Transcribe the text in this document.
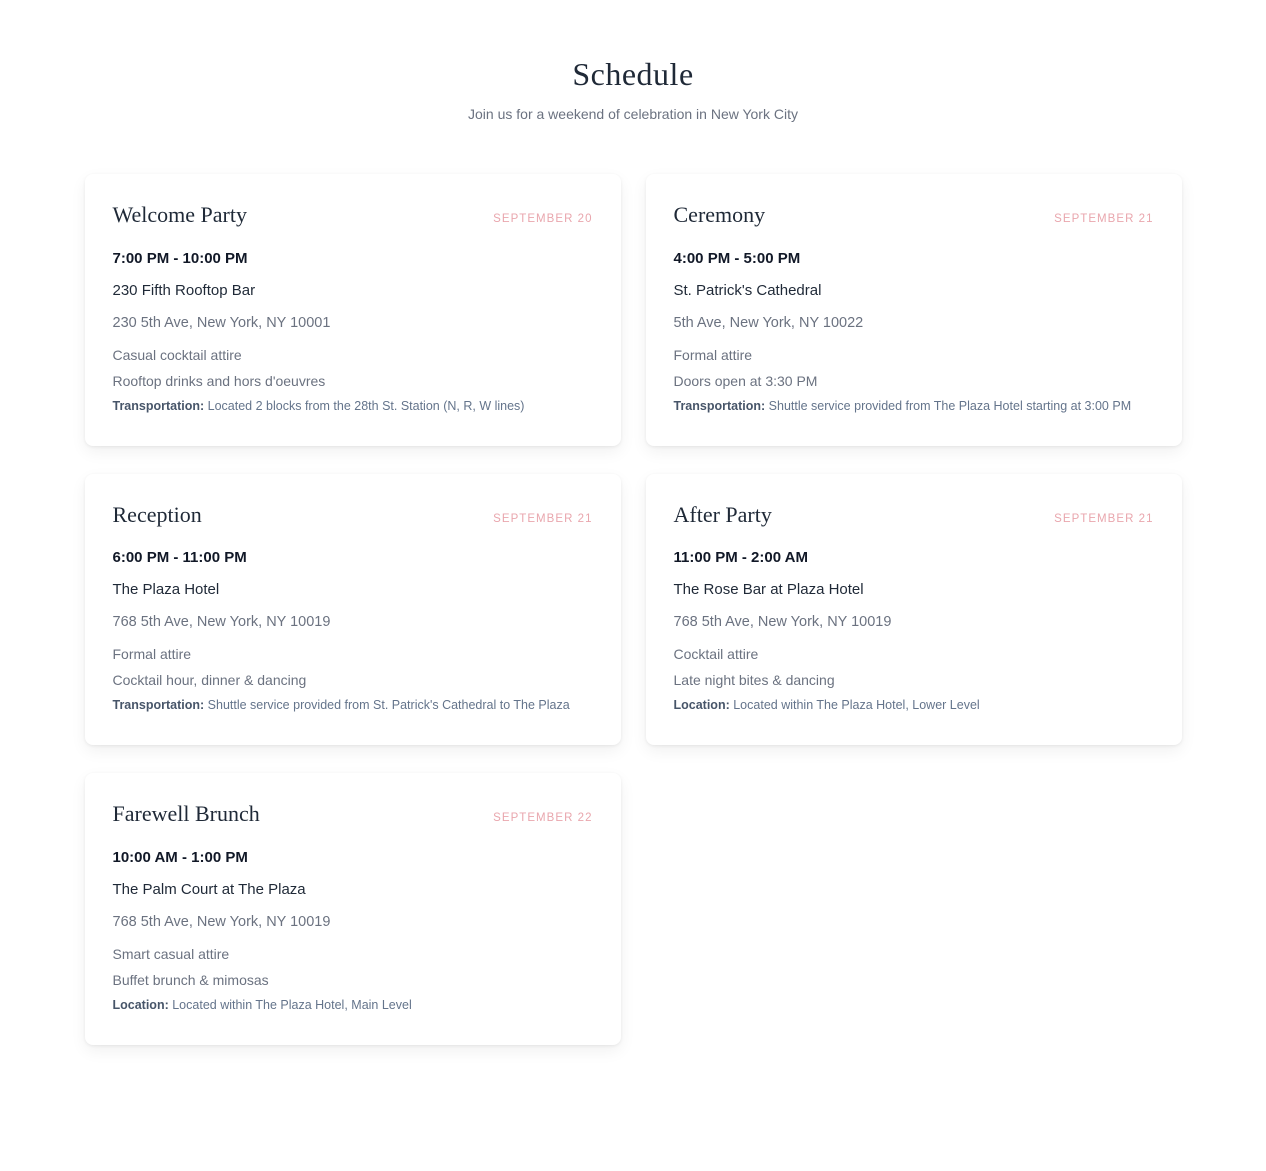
Schedule

Join us for a weekend of celebration in New York City

Welcome Party	SEPTEMBER 20

7:00 PM - 10:00 PM

230 Fifth Rooftop Bar

230 5th Ave, New York, NY 10001

Casual cocktail attire

Rooftop drinks and hors d'oeuvres

Transportation: Located 2 blocks from the 28th St. Station (N, R, W lines)

Ceremony	SEPTEMBER 21

4:00 PM - 5:00 PM

St. Patrick's Cathedral

5th Ave, New York, NY 10022

Formal attire

Doors open at 3:30 PM

Transportation: Shuttle service provided from The Plaza Hotel starting at 3:00 PM

Reception	SEPTEMBER 21

6:00 PM - 11:00 PM

The Plaza Hotel

768 5th Ave, New York, NY 10019

Formal attire

Cocktail hour, dinner & dancing

Transportation: Shuttle service provided from St. Patrick's Cathedral to The Plaza

After Party	SEPTEMBER 21

11:00 PM - 2:00 AM

The Rose Bar at Plaza Hotel

768 5th Ave, New York, NY 10019

Cocktail attire

Late night bites & dancing

Location: Located within The Plaza Hotel, Lower Level

Farewell Brunch	SEPTEMBER 22

10:00 AM - 1:00 PM

The Palm Court at The Plaza

768 5th Ave, New York, NY 10019

Smart casual attire

Buffet brunch & mimosas

Location: Located within The Plaza Hotel, Main Level
